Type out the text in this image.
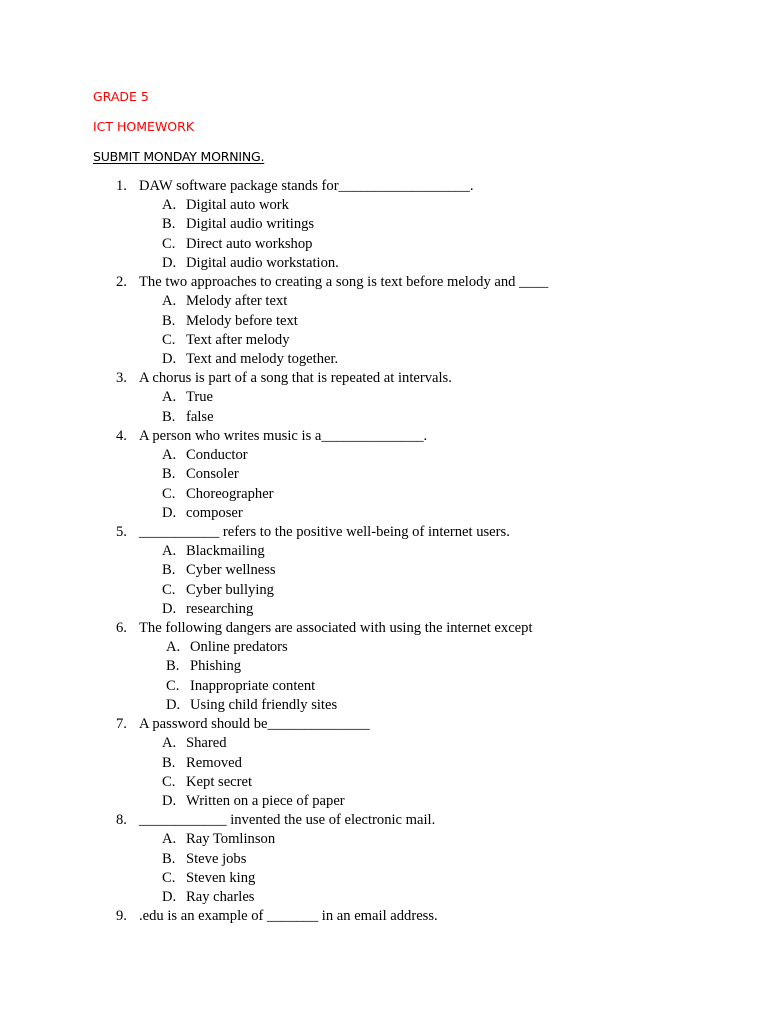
GRADE 5
ICT HOMEWORK
SUBMIT MONDAY MORNING.
1. DAW software package stands for__________________.
A. Digital auto work
B. Digital audio writings
C. Direct auto workshop
D. Digital audio workstation.
2. The two approaches to creating a song is text before melody and ____
A. Melody after text
B. Melody before text
C. Text after melody
D. Text and melody together.
3. A chorus is part of a song that is repeated at intervals.
A. True
B. false
4. A person who writes music is a______________.
A. Conductor
B. Consoler
C. Choreographer
D. composer
5. ___________ refers to the positive well-being of internet users.
A. Blackmailing
B. Cyber wellness
C. Cyber bullying
D. researching
6. The following dangers are associated with using the internet except
A. Online predators
B. Phishing
C. Inappropriate content
D. Using child friendly sites
7. A password should be______________
A. Shared
B. Removed
C. Kept secret
D. Written on a piece of paper
8. ____________ invented the use of electronic mail.
A. Ray Tomlinson
B. Steve jobs
C. Steven king
D. Ray charles
9. .edu is an example of _______ in an email address.
